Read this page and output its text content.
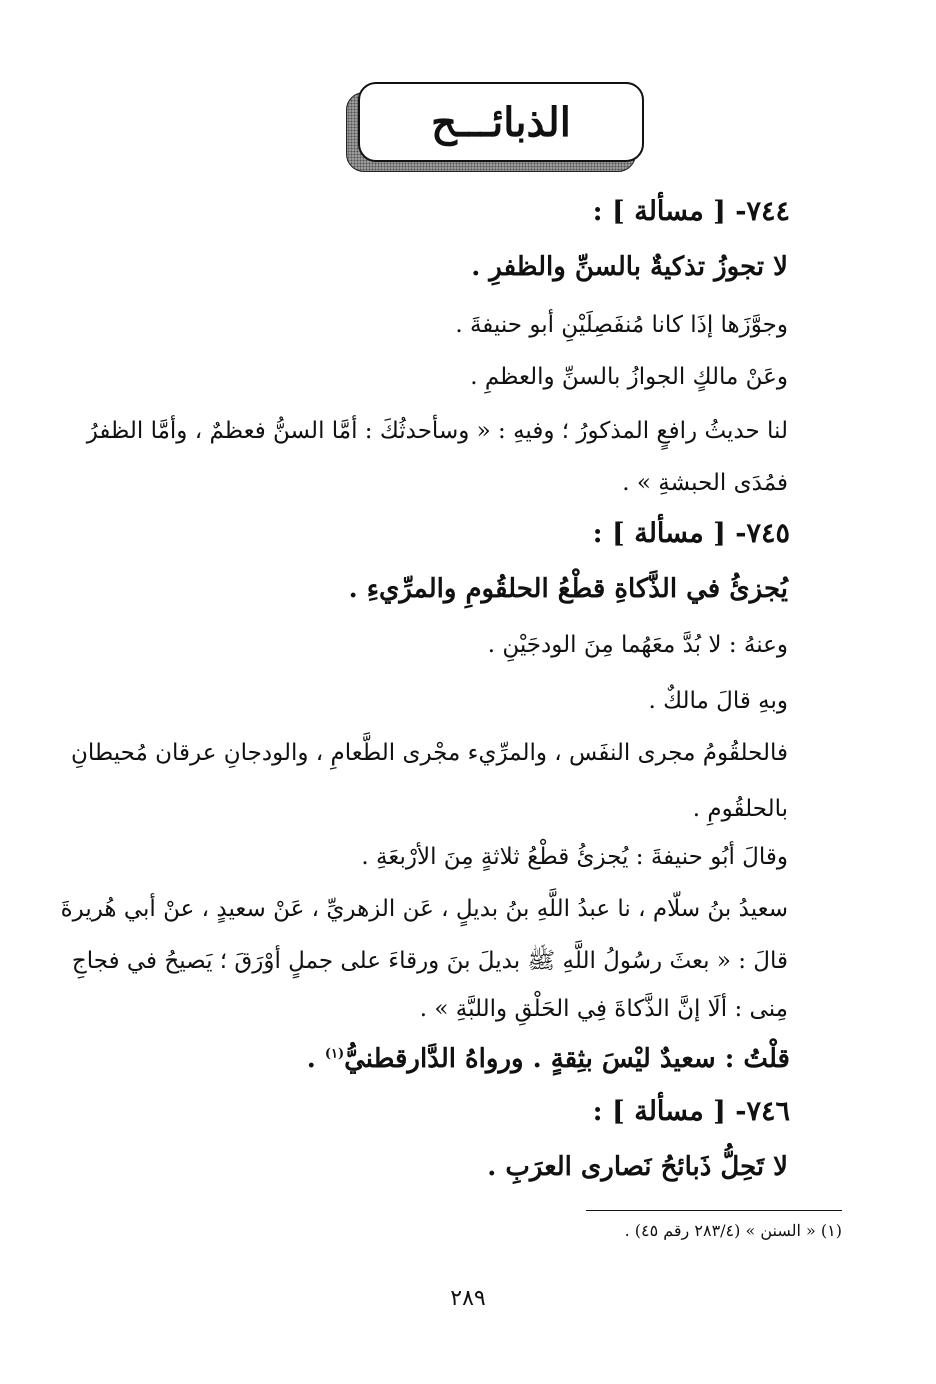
الذبائـــح
٧٤٤- [ مسألة ] :
لا تجوزُ تذكيةٌ بالسنِّ والظفرِ .
وجوَّزَها إذَا كانا مُنفَصِلَيْنِ أبو حنيفةَ .
وعَنْ مالكٍ الجوازُ بالسنِّ والعظمِ .
لنا حديثُ رافعٍ المذكورُ ؛ وفيهِ : « وسأحدثُكَ : أمَّا السنُّ فعظمٌ ، وأمَّا الظفرُ
فمُدَى الحبشةِ » .
٧٤٥- [ مسألة ] :
يُجزئُ في الذَّكاةِ قطْعُ الحلقُومِ والمرِّيءِ .
وعنهُ : لا بُدَّ معَهُما مِنَ الودجَيْنِ .
وبهِ قالَ مالكٌ .
فالحلقُومُ مجرى النفَس ، والمرِّيء مجْرى الطَّعامِ ، والودجانِ عرقان مُحيطانِ
بالحلقُومِ .
وقالَ أبُو حنيفةَ : يُجزئُ قطْعُ ثلاثةٍ مِنَ الأرْبعَةِ .
سعيدُ بنُ سلّام ، نا عبدُ اللَّهِ بنُ بديلٍ ، عَن الزهريِّ ، عَنْ سعيدٍ ، عنْ أبي هُريرةَ
قالَ : « بعثَ رسُولُ اللَّهِ ﷺ بديلَ بنَ ورقاءَ على جملٍ أوْرَقَ ؛ يَصيحُ في فجاجِ
مِنى : ألَا إنَّ الذَّكاةَ فِي الحَلْقِ واللبَّةِ » .
قلْتُ : سعيدٌ ليْسَ بثِقةٍ . ورواهُ الدَّارقطنيُّ$^{(١)}$ .
٧٤٦- [ مسألة ] :
لا تَحِلُّ ذَبائحُ نَصارى العرَبِ .
(١) « السنن » (٢٨٣/٤ رقم ٤٥) .
٢٨٩
